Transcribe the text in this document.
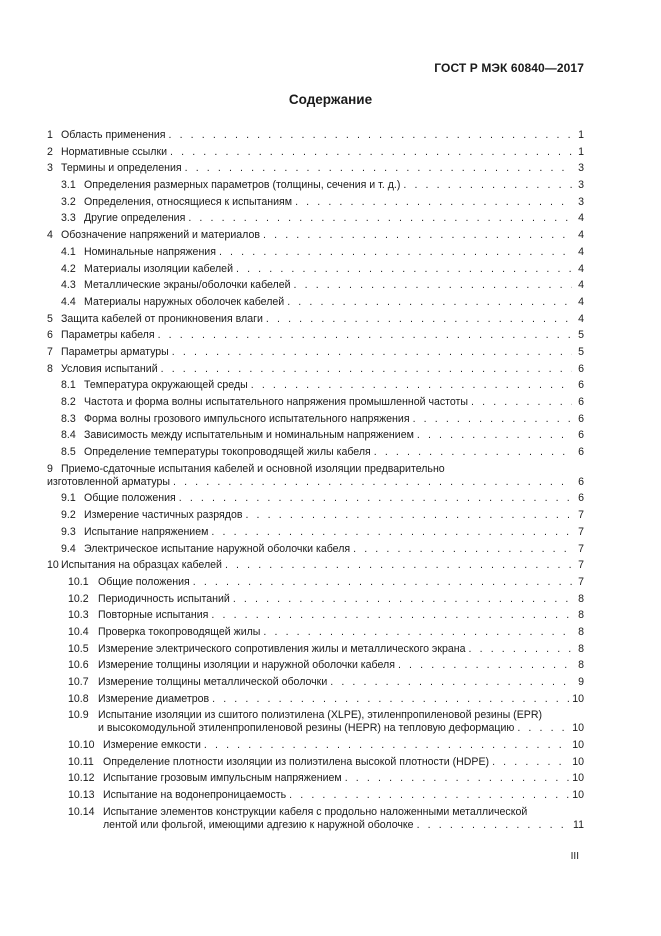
ГОСТ Р МЭК 60840—2017
Содержание
1 Область применения . . .	1
2 Нормативные ссылки . . .	1
3 Термины и определения . . .	3
3.1 Определения размерных параметров (толщины, сечения и т. д.) . . .	3
3.2 Определения, относящиеся к испытаниям . . .	3
3.3 Другие определения . . .	4
4 Обозначение напряжений и материалов . . .	4
4.1 Номинальные напряжения . . .	4
4.2 Материалы изоляции кабелей . . .	4
4.3 Металлические экраны/оболочки кабелей . . .	4
4.4 Материалы наружных оболочек кабелей . . .	4
5 Защита кабелей от проникновения влаги . . .	4
6 Параметры кабеля . . .	5
7 Параметры арматуры . . .	5
8 Условия испытаний . . .	6
8.1 Температура окружающей среды . . .	6
8.2 Частота и форма волны испытательного напряжения промышленной частоты . . .	6
8.3 Форма волны грозового импульсного испытательного напряжения . . .	6
8.4 Зависимость между испытательным и номинальным напряжением . . .	6
8.5 Определение температуры токопроводящей жилы кабеля . . .	6
9 Приемо-сдаточные испытания кабелей и основной изоляции предварительно
изготовленной арматуры . . .	6
9.1 Общие положения . . .	6
9.2 Измерение частичных разрядов . . .	7
9.3 Испытание напряжением . . .	7
9.4 Электрическое испытание наружной оболочки кабеля . . .	7
10 Испытания на образцах кабелей . . .	7
10.1 Общие положения . . .	7
10.2 Периодичность испытаний . . .	8
10.3 Повторные испытания . . .	8
10.4 Проверка токопроводящей жилы . . .	8
10.5 Измерение электрического сопротивления жилы и металлического экрана . . .	8
10.6 Измерение толщины изоляции и наружной оболочки кабеля . . .	8
10.7 Измерение толщины металлической оболочки . . .	9
10.8 Измерение диаметров . . .	10
10.9 Испытание изоляции из сшитого полиэтилена (XLPE), этиленпропиленовой резины (EPR)
и высокомодульной этиленпропиленовой резины (HEPR) на тепловую деформацию . . .	10
10.10 Измерение емкости . . .	10
10.11 Определение плотности изоляции из полиэтилена высокой плотности (HDPE) . . .	10
10.12 Испытание грозовым импульсным напряжением . . .	10
10.13 Испытание на водонепроницаемость . . .	10
10.14 Испытание элементов конструкции кабеля с продольно наложенными металлической
лентой или фольгой, имеющими адгезию к наружной оболочке . . .	11
III
